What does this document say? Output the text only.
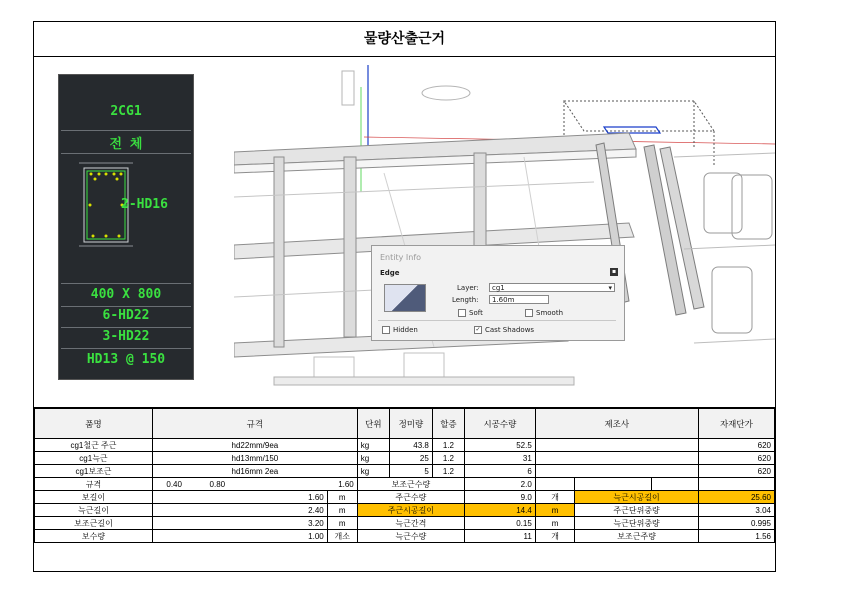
물량산출근거
2CG1
전 체
2-HD16
400 X 800
6-HD22
3-HD22
HD13 @ 150
Entity Info
Edge	▪
Layer:	cg1	▾
Length:	1.60m
Soft	Smooth
Hidden	✓ Cast Shadows
품명	규격				단위	정미량	할증	시공수량	제조사			자재단가
cg1철근 주근	hd22mm/9ea				kg	43.8	1.2	52.5				620
cg1늑근	hd13mm/150				kg	25	1.2	31				620
cg1보조근	hd16mm 2ea				kg	5	1.2	6				620
규격	0.40	0.80	1.60		보조근수량			2.0				
보길이	1.60			m	주근수량			9.0	개	늑근시공길이		25.60
늑근길이	2.40			m	주근시공길이			14.4	m	주근단위중량		3.04
보조근길이	3.20			m	늑근간격			0.15	m	늑근단위중량		0.995
보수량	1.00			개소	늑근수량			11	개	보조근주량		1.56
